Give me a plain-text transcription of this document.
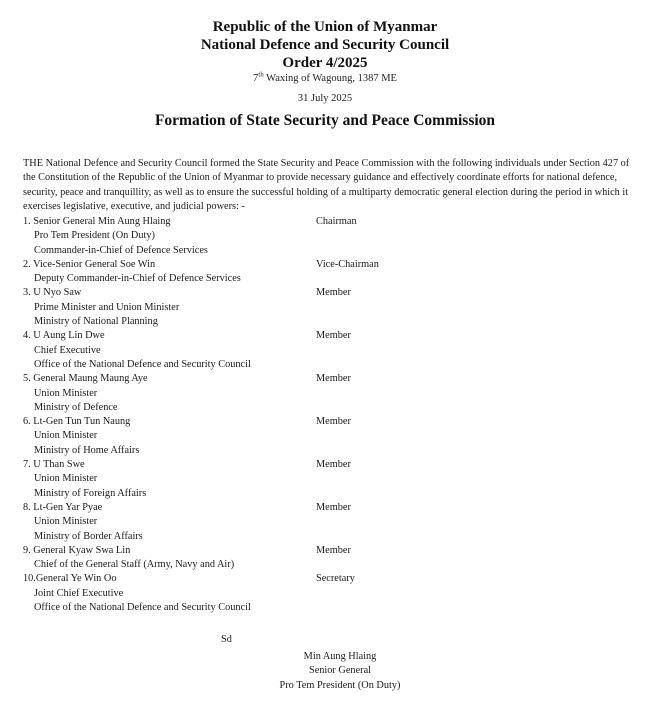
Republic of the Union of Myanmar
National Defence and Security Council
Order 4/2025
7th Waxing of Wagoung, 1387 ME
31 July 2025
Formation of State Security and Peace Commission
THE National Defence and Security Council formed the State Security and Peace Commission with the following individuals under Section 427 of the Constitution of the Republic of the Union of Myanmar to provide necessary guidance and effectively coordinate efforts for national defence, security, peace and tranquillity, as well as to ensure the successful holding of a multiparty democratic general election during the period in which it exercises legislative, executive, and judicial powers: -
1. Senior General Min Aung Hlaing	Chairman
Pro Tem President (On Duty)
Commander-in-Chief of Defence Services
2. Vice-Senior General Soe Win	Vice-Chairman
Deputy Commander-in-Chief of Defence Services
3. U Nyo Saw	Member
Prime Minister and Union Minister
Ministry of National Planning
4. U Aung Lin Dwe	Member
Chief Executive
Office of the National Defence and Security Council
5. General Maung Maung Aye	Member
Union Minister
Ministry of Defence
6. Lt-Gen Tun Tun Naung	Member
Union Minister
Ministry of Home Affairs
7. U Than Swe	Member
Union Minister
Ministry of Foreign Affairs
8. Lt-Gen Yar Pyae	Member
Union Minister
Ministry of Border Affairs
9. General Kyaw Swa Lin	Member
Chief of the General Staff (Army, Navy and Air)
10.General Ye Win Oo	Secretary
Joint Chief Executive
Office of the National Defence and Security Council
Sd
Min Aung Hlaing
Senior General
Pro Tem President (On Duty)
